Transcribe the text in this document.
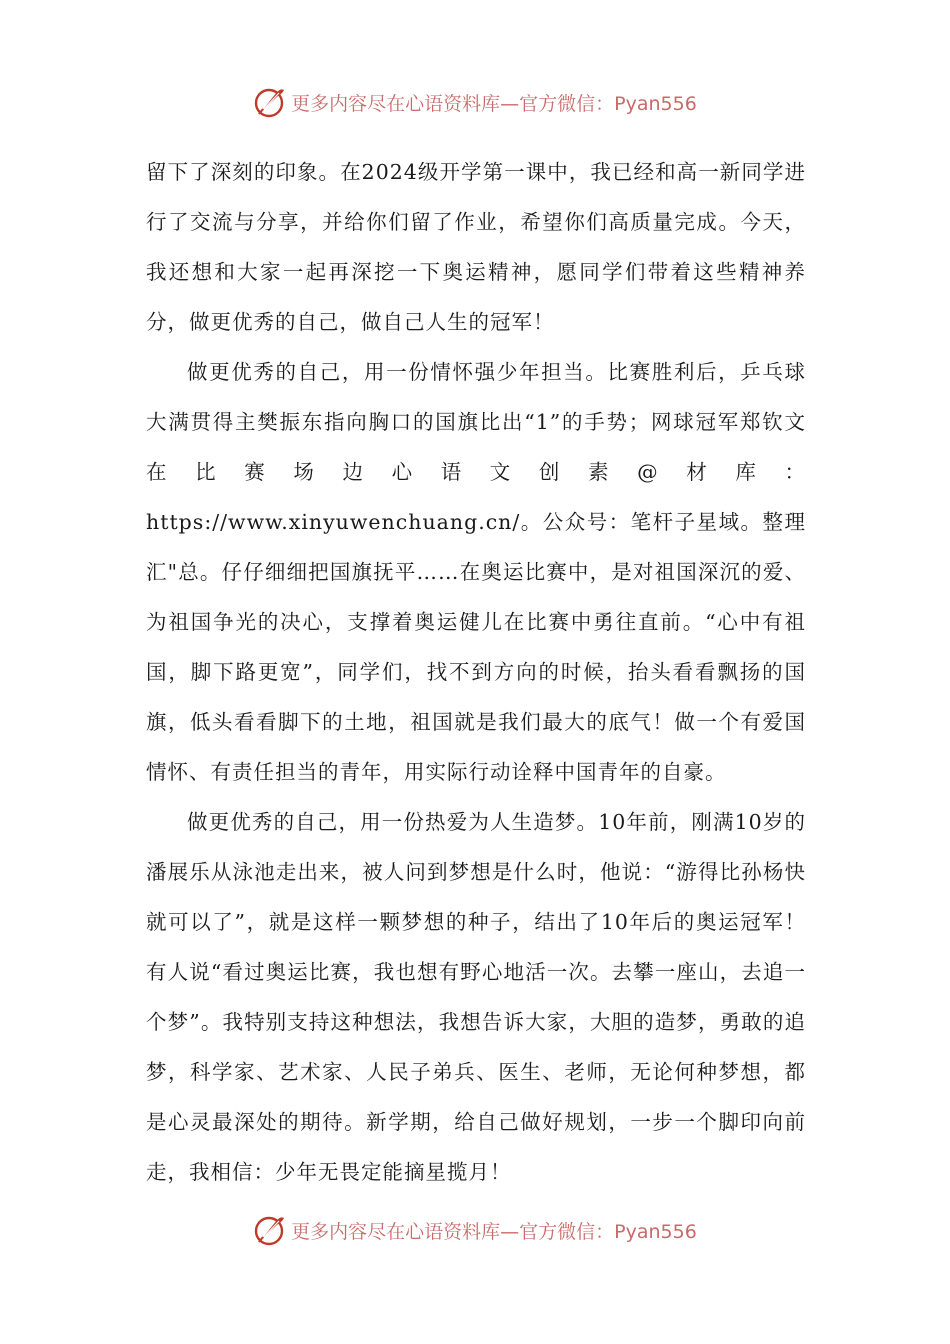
更多内容尽在心语资料库—官方微信：Pyan556

留下了深刻的印象。在2024级开学第一课中，我已经和高一新同学进行了交流与分享，并给你们留了作业，希望你们高质量完成。今天，我还想和大家一起再深挖一下奥运精神，愿同学们带着这些精神养分，做更优秀的自己，做自己人生的冠军！

做更优秀的自己，用一份情怀强少年担当。比赛胜利后，乒乓球大满贯得主樊振东指向胸口的国旗比出“1”的手势；网球冠军郑钦文在比赛场边心语文创素@材库：https://www.xinyuwenchuang.cn/。公众号：笔杆子星域。整理汇"总。仔仔细细把国旗抚平……在奥运比赛中，是对祖国深沉的爱、为祖国争光的决心，支撑着奥运健儿在比赛中勇往直前。“心中有祖国，脚下路更宽”，同学们，找不到方向的时候，抬头看看飘扬的国旗，低头看看脚下的土地，祖国就是我们最大的底气！做一个有爱国情怀、有责任担当的青年，用实际行动诠释中国青年的自豪。

做更优秀的自己，用一份热爱为人生造梦。10年前，刚满10岁的潘展乐从泳池走出来，被人问到梦想是什么时，他说：“游得比孙杨快就可以了”，就是这样一颗梦想的种子，结出了10年后的奥运冠军！有人说“看过奥运比赛，我也想有野心地活一次。去攀一座山，去追一个梦”。我特别支持这种想法，我想告诉大家，大胆的造梦，勇敢的追梦，科学家、艺术家、人民子弟兵、医生、老师，无论何种梦想，都是心灵最深处的期待。新学期，给自己做好规划，一步一个脚印向前走，我相信：少年无畏定能摘星揽月！

更多内容尽在心语资料库—官方微信：Pyan556
